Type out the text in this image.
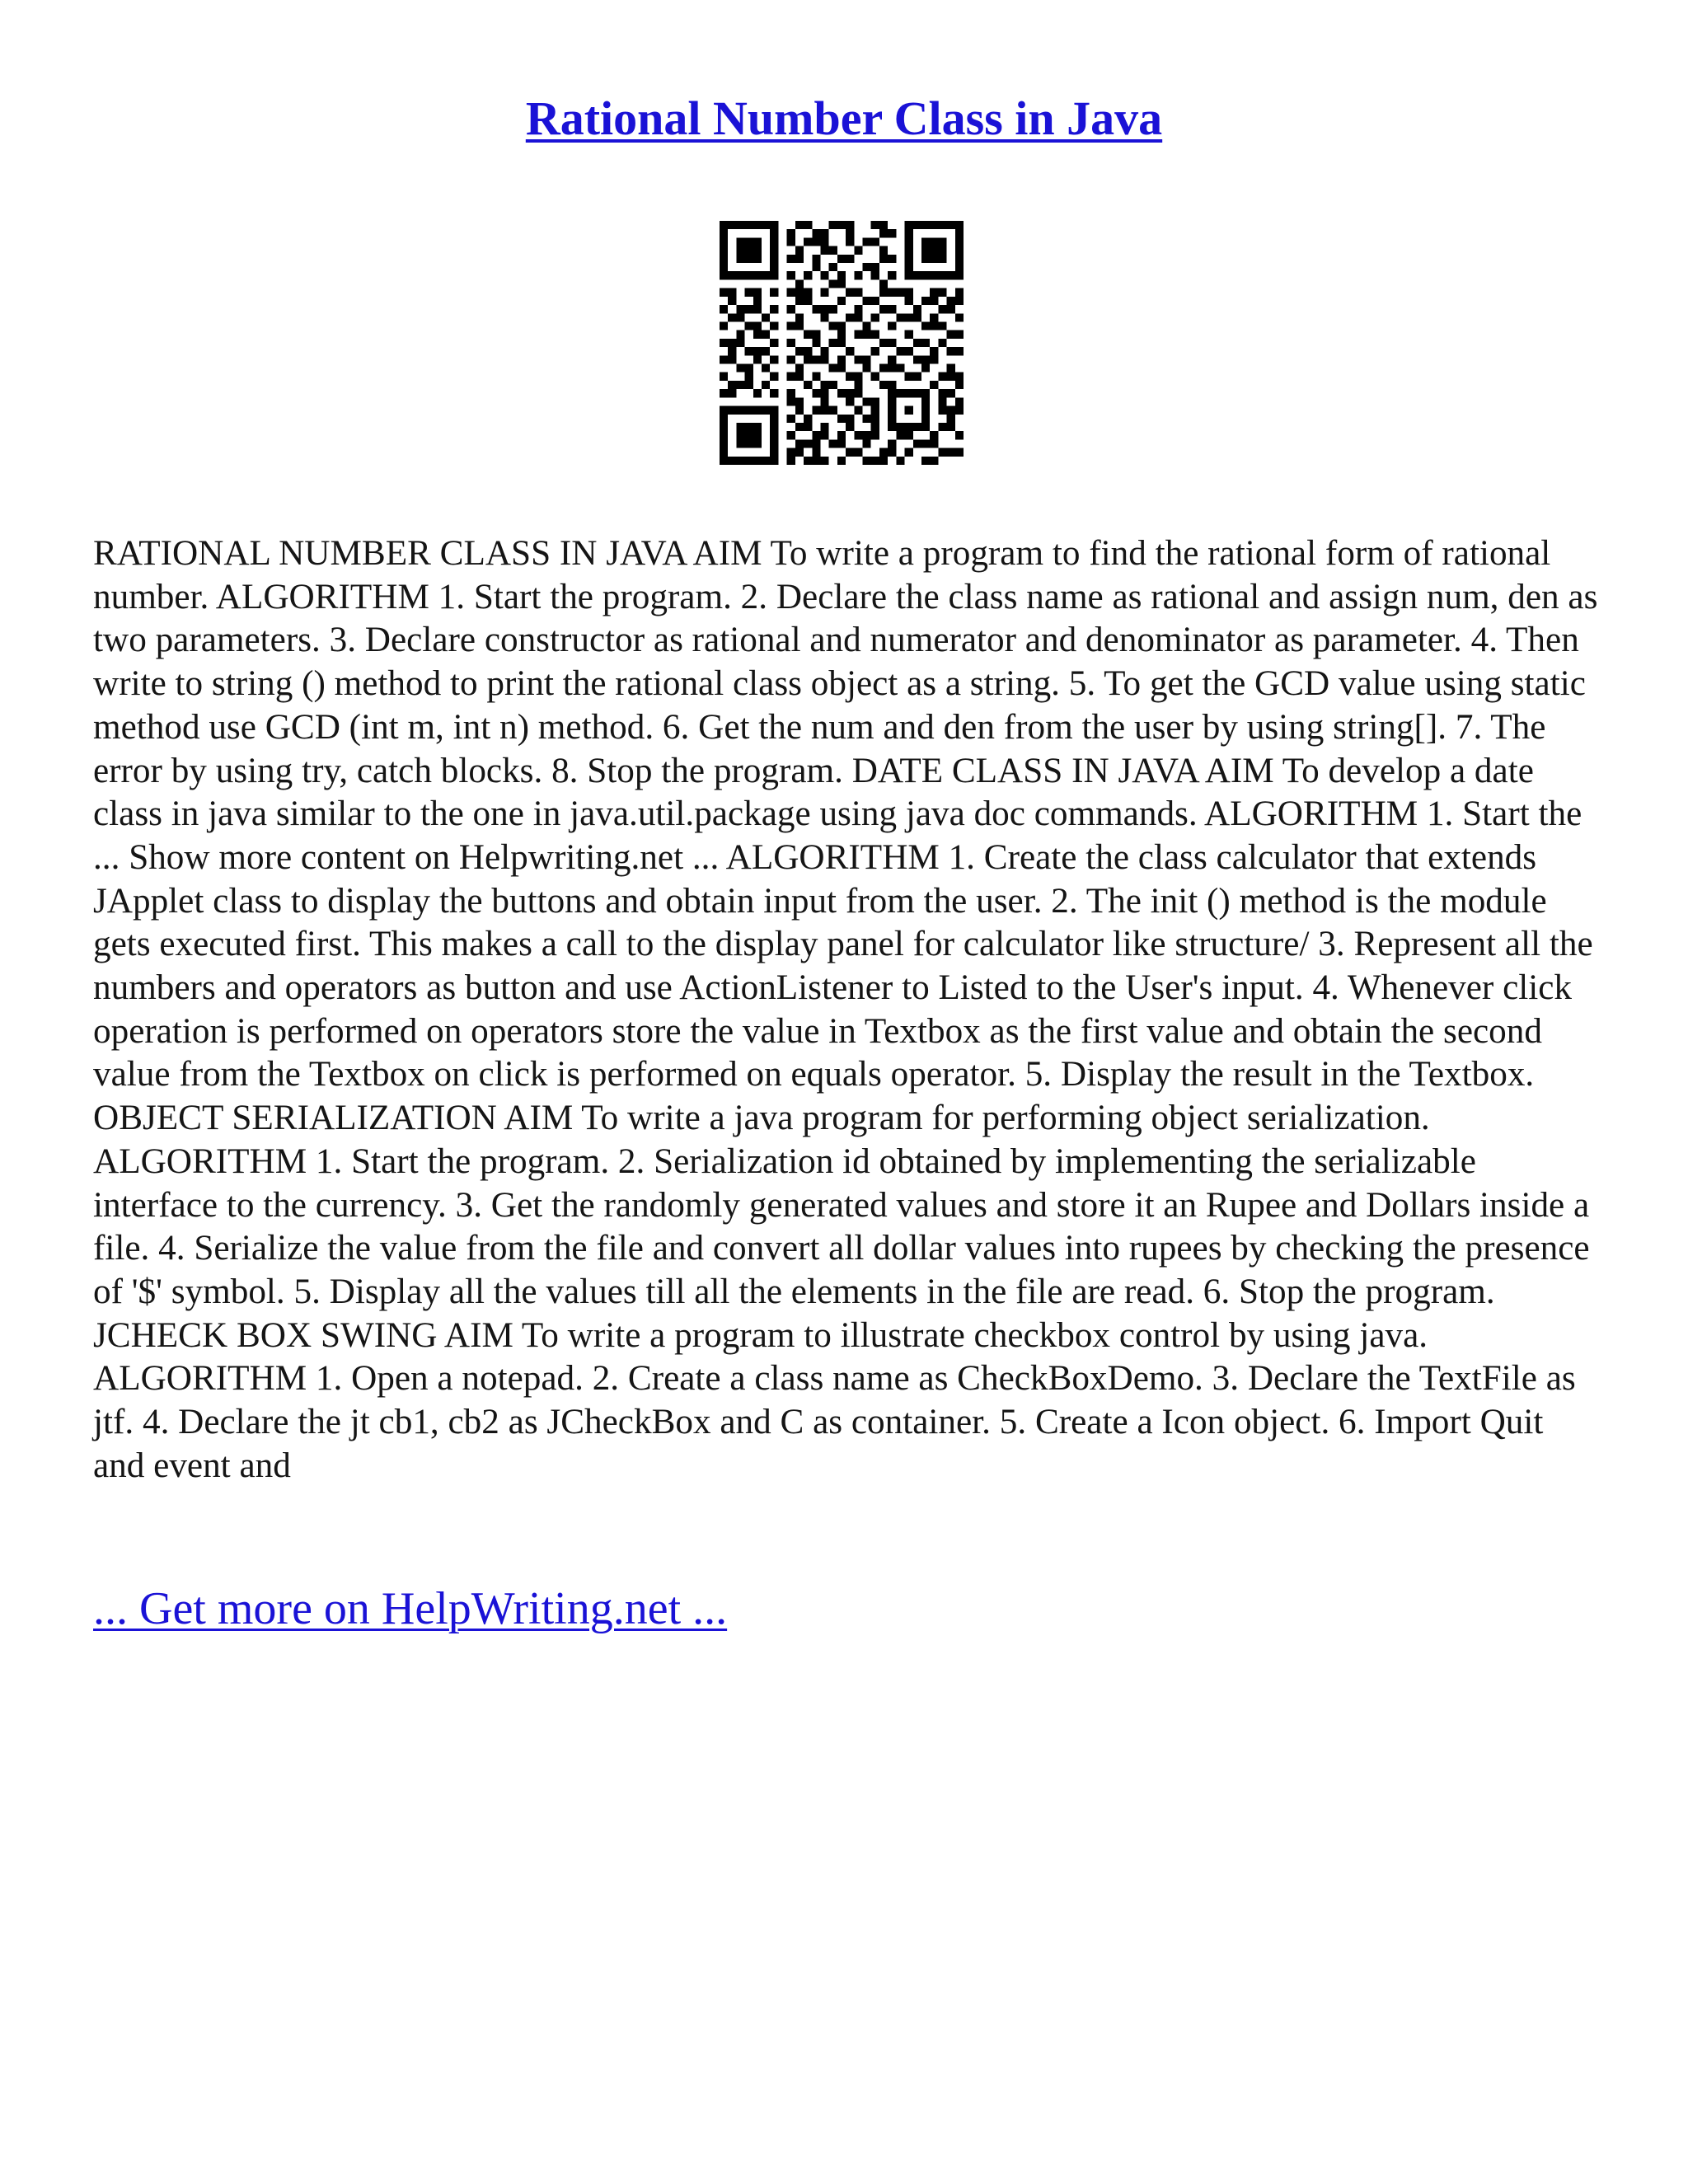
Rational Number Class in Java

RATIONAL NUMBER CLASS IN JAVA AIM To write a program to find the rational form of rational number. ALGORITHM 1. Start the program. 2. Declare the class name as rational and assign num, den as two parameters. 3. Declare constructor as rational and numerator and denominator as parameter. 4. Then write to string () method to print the rational class object as a string. 5. To get the GCD value using static method use GCD (int m, int n) method. 6. Get the num and den from the user by using string[]. 7. The error by using try, catch blocks. 8. Stop the program. DATE CLASS IN JAVA AIM To develop a date class in java similar to the one in java.util.package using java doc commands. ALGORITHM 1. Start the ... Show more content on Helpwriting.net ... ALGORITHM 1. Create the class calculator that extends JApplet class to display the buttons and obtain input from the user. 2. The init () method is the module gets executed first. This makes a call to the display panel for calculator like structure/ 3. Represent all the numbers and operators as button and use ActionListener to Listed to the User's input. 4. Whenever click operation is performed on operators store the value in Textbox as the first value and obtain the second value from the Textbox on click is performed on equals operator. 5. Display the result in the Textbox. OBJECT SERIALIZATION AIM To write a java program for performing object serialization. ALGORITHM 1. Start the program. 2. Serialization id obtained by implementing the serializable interface to the currency. 3. Get the randomly generated values and store it an Rupee and Dollars inside a file. 4. Serialize the value from the file and convert all dollar values into rupees by checking the presence of '$' symbol. 5. Display all the values till all the elements in the file are read. 6. Stop the program. JCHECK BOX SWING AIM To write a program to illustrate checkbox control by using java. ALGORITHM 1. Open a notepad. 2. Create a class name as CheckBoxDemo. 3. Declare the TextFile as jtf. 4. Declare the jt cb1, cb2 as JCheckBox and C as container. 5. Create a Icon object. 6. Import Quit and event and

... Get more on HelpWriting.net ...
